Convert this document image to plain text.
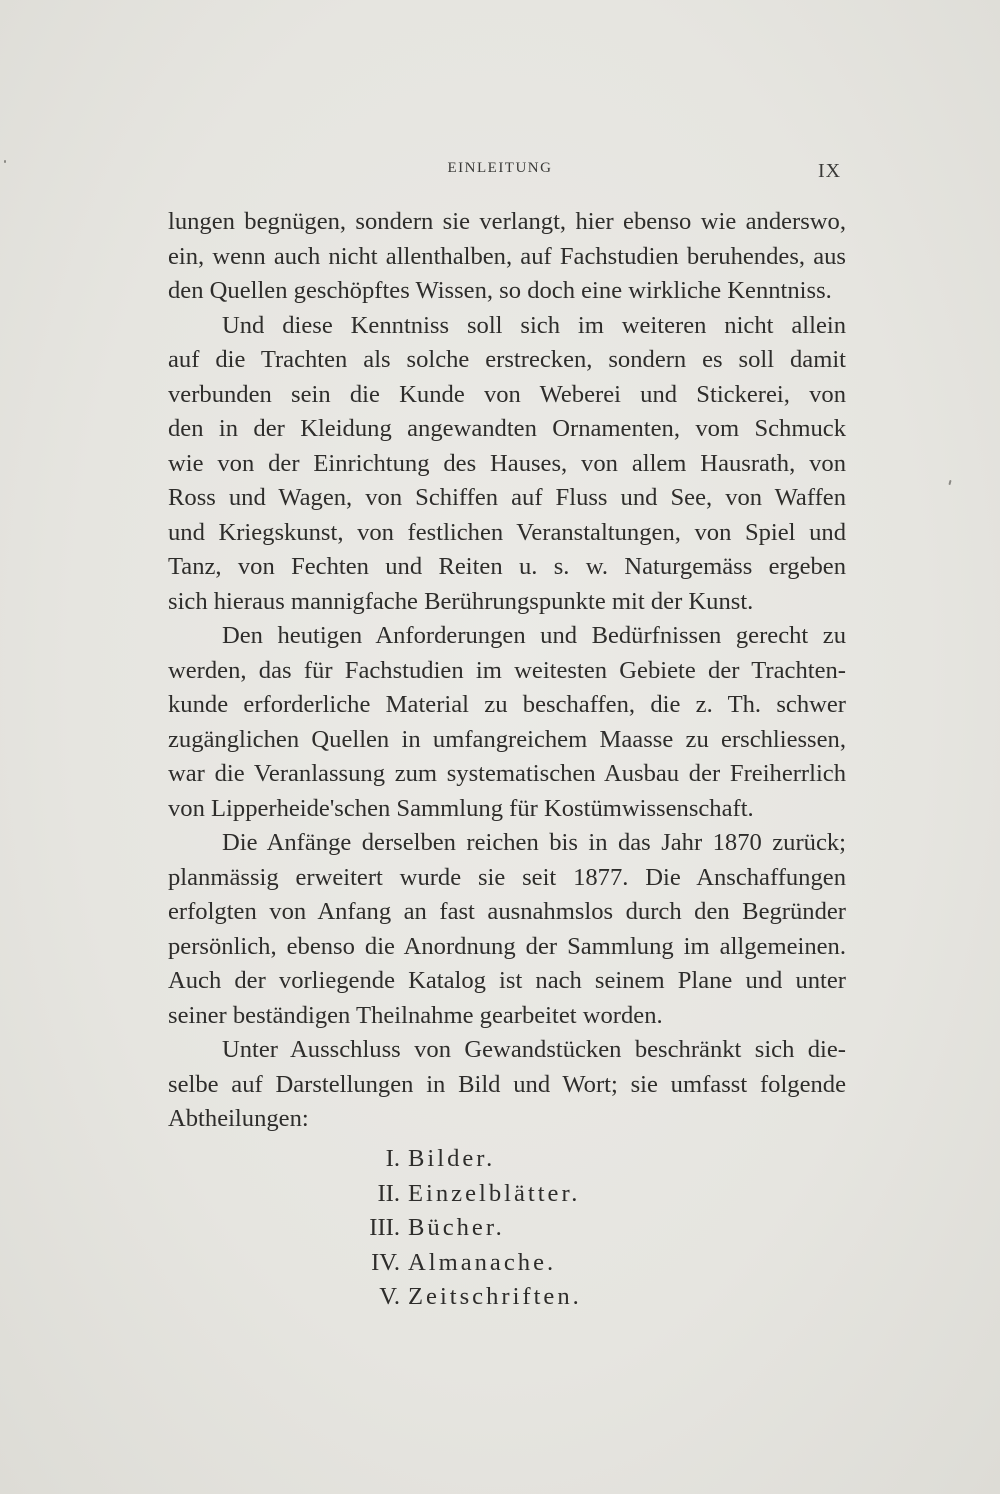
EINLEITUNG	IX
lungen begnügen, sondern sie verlangt, hier ebenso wie anderswo,
ein, wenn auch nicht allenthalben, auf Fachstudien beruhendes, aus
den Quellen geschöpftes Wissen, so doch eine wirkliche Kenntniss.
Und diese Kenntniss soll sich im weiteren nicht allein
auf die Trachten als solche erstrecken, sondern es soll damit
verbunden sein die Kunde von Weberei und Stickerei, von
den in der Kleidung angewandten Ornamenten, vom Schmuck
wie von der Einrichtung des Hauses, von allem Hausrath, von
Ross und Wagen, von Schiffen auf Fluss und See, von Waffen
und Kriegskunst, von festlichen Veranstaltungen, von Spiel und
Tanz, von Fechten und Reiten u. s. w. Naturgemäss ergeben
sich hieraus mannigfache Berührungspunkte mit der Kunst.
Den heutigen Anforderungen und Bedürfnissen gerecht zu
werden, das für Fachstudien im weitesten Gebiete der Trachten-
kunde erforderliche Material zu beschaffen, die z. Th. schwer
zugänglichen Quellen in umfangreichem Maasse zu erschliessen,
war die Veranlassung zum systematischen Ausbau der Freiherrlich
von Lipperheide'schen Sammlung für Kostümwissenschaft.
Die Anfänge derselben reichen bis in das Jahr 1870 zurück;
planmässig erweitert wurde sie seit 1877. Die Anschaffungen
erfolgten von Anfang an fast ausnahmslos durch den Begründer
persönlich, ebenso die Anordnung der Sammlung im allgemeinen.
Auch der vorliegende Katalog ist nach seinem Plane und unter
seiner beständigen Theilnahme gearbeitet worden.
Unter Ausschluss von Gewandstücken beschränkt sich die-
selbe auf Darstellungen in Bild und Wort; sie umfasst folgende
Abtheilungen:
I. Bilder.
II. Einzelblätter.
III. Bücher.
IV. Almanache.
V. Zeitschriften.
